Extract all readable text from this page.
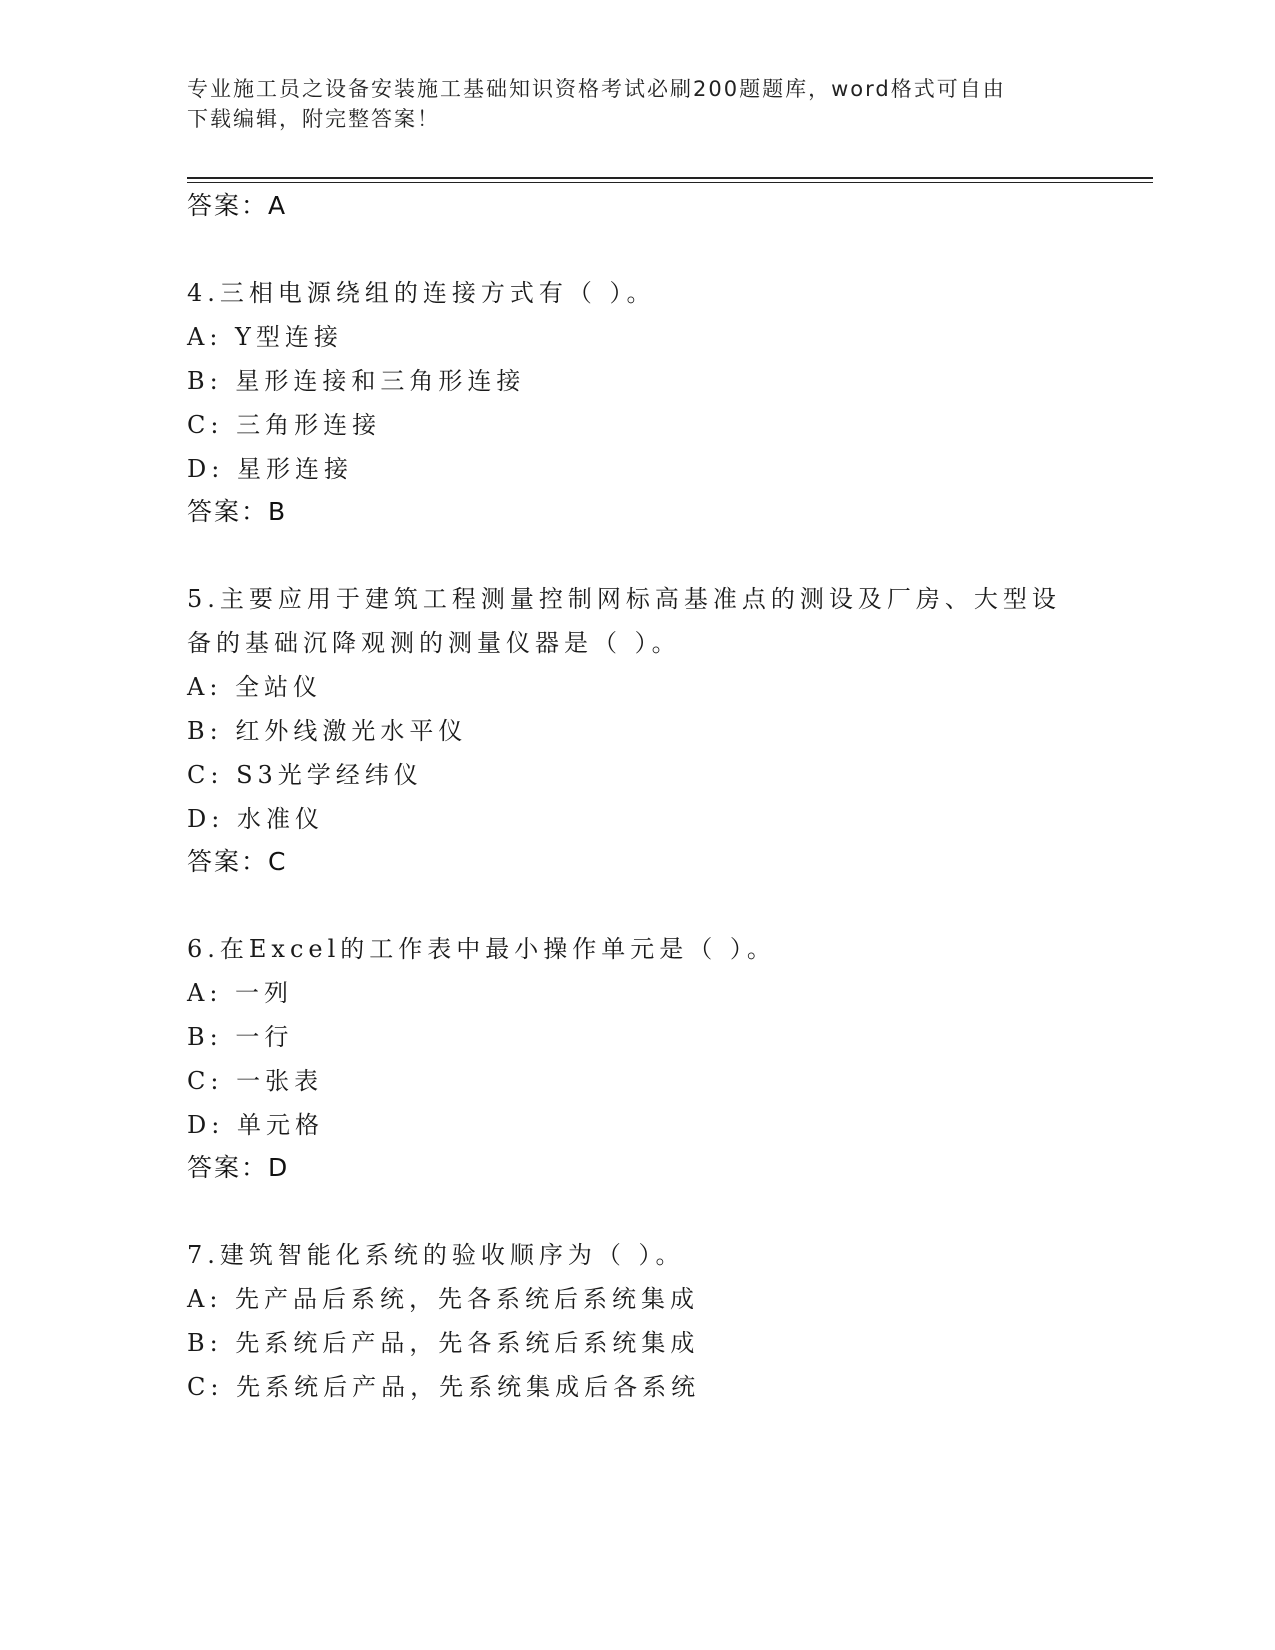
专业施工员之设备安装施工基础知识资格考试必刷200题题库，word格式可自由
下载编辑，附完整答案！
答案：A
4.三相电源绕组的连接方式有（ ）。
A: Y型连接
B: 星形连接和三角形连接
C: 三角形连接
D: 星形连接
答案：B
5.主要应用于建筑工程测量控制网标高基准点的测设及厂房、大型设
备的基础沉降观测的测量仪器是（ ）。
A: 全站仪
B: 红外线激光水平仪
C: S3光学经纬仪
D: 水准仪
答案：C
6.在Excel的工作表中最小操作单元是（ ）。
A: 一列
B: 一行
C: 一张表
D: 单元格
答案：D
7.建筑智能化系统的验收顺序为（ ）。
A: 先产品后系统，先各系统后系统集成
B: 先系统后产品，先各系统后系统集成
C: 先系统后产品，先系统集成后各系统
